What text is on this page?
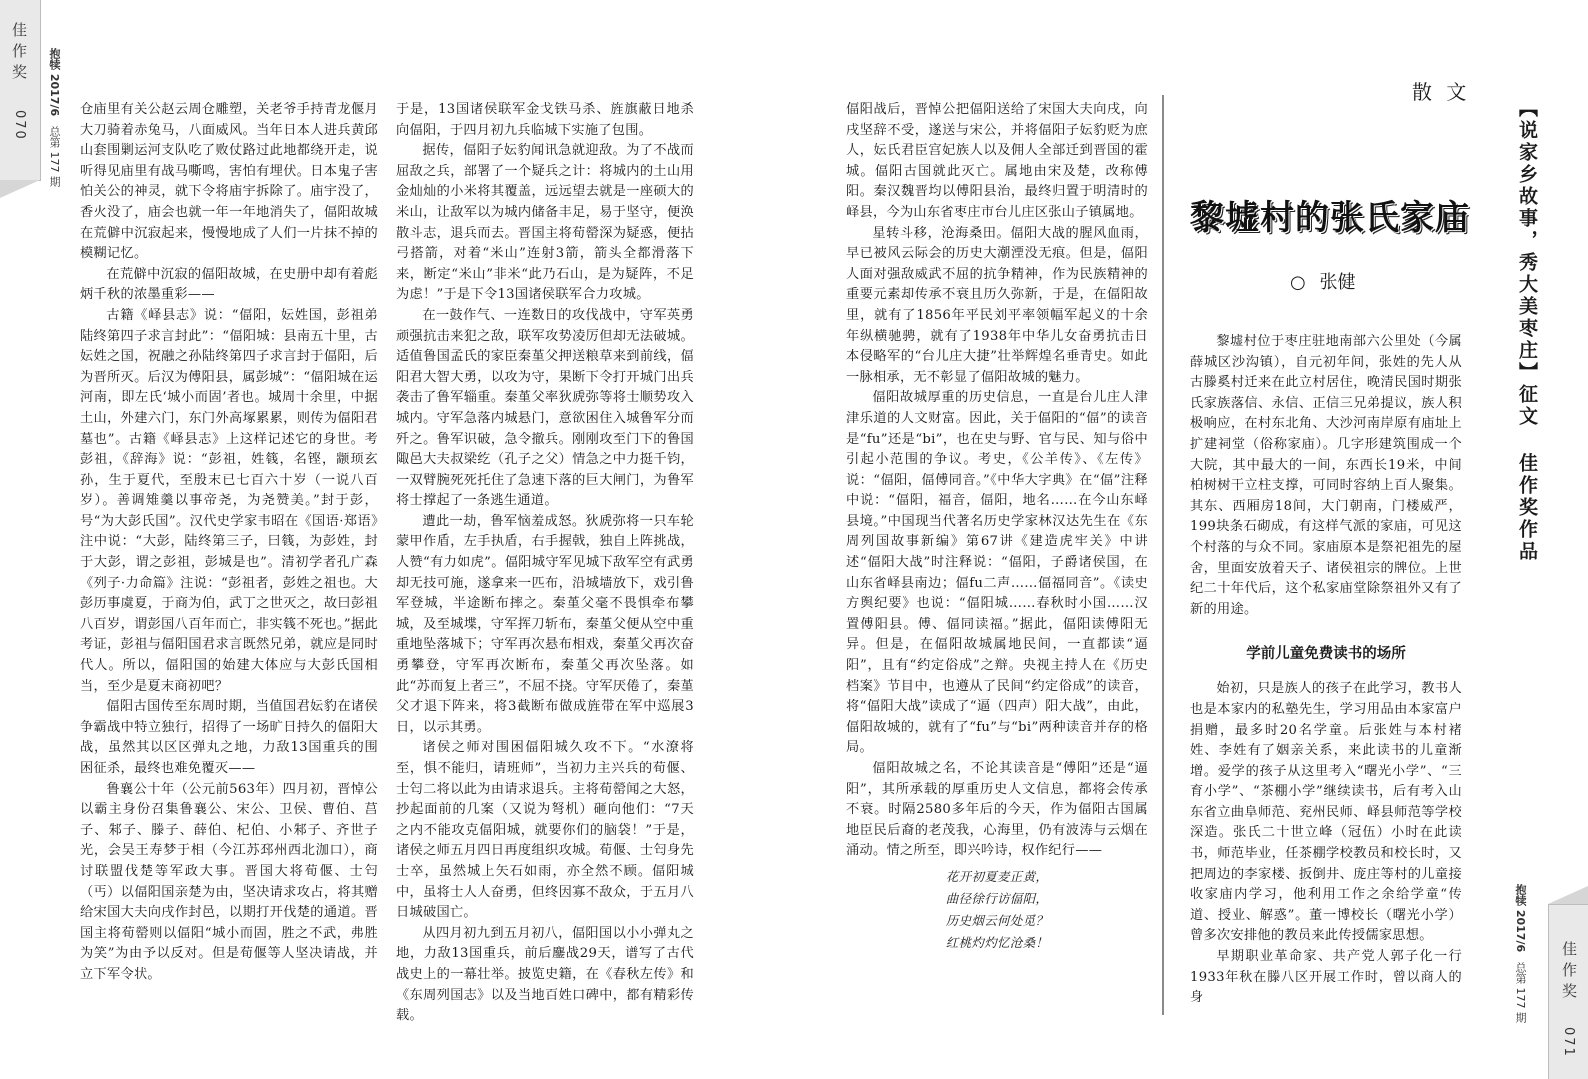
佳作奖
070
抱犊 2017/6 总第 177 期

仓庙里有关公赵云周仓雕塑，关老爷手持青龙偃月大刀骑着赤兔马，八面威风。当年日本人进兵黄邱山套围剿运河支队吃了败仗路过此地都绕开走，说听得见庙里有战马嘶鸣，害怕有埋伏。日本鬼子害怕关公的神灵，就下令将庙宇拆除了。庙宇没了，香火没了，庙会也就一年一年地消失了，偪阳故城在荒僻中沉寂起来，慢慢地成了人们一片抹不掉的模糊记忆。

在荒僻中沉寂的偪阳故城，在史册中却有着彪炳千秋的浓墨重彩——

古籍《峄县志》说：“偪阳，妘姓国，彭祖弟陆终第四子求言封此”：“偪阳城：县南五十里，古妘姓之国，祝融之孙陆终第四子求言封于偪阳，后为晋所灭。后汉为傅阳县，属彭城”：“偪阳城在运河南，即左氏‘城小而固’者也。城周十余里，中据土山，外建六门，东门外高塚累累，则传为偪阳君墓也”。古籍《峄县志》上这样记述它的身世。考彭祖，《辞海》说：“彭祖，姓篯，名铿，颛顼玄孙，生于夏代，至殷末已七百六十岁（一说八百岁）。善调雉羹以事帝尧，为尧赞美。”封于彭，号“为大彭氏国”。汉代史学家韦昭在《国语·郑语》注中说：“大彭，陆终第三子，曰篯，为彭姓，封于大彭，谓之彭祖，彭城是也”。清初学者孔广森《列子·力命篇》注说：“彭祖者，彭姓之祖也。大彭历事虞夏，于商为伯，武丁之世灭之，故曰彭祖八百岁，谓彭国八百年而亡，非实篯不死也。”据此考证，彭祖与偪阳国君求言既然兄弟，就应是同时代人。所以，偪阳国的始建大体应与大彭氏国相当，至少是夏末商初吧？

偪阳古国传至东周时期，当值国君妘豹在诸侯争霸战中特立独行，招得了一场旷日持久的偪阳大战，虽然其以区区弹丸之地，力敌13国重兵的围困征杀，最终也难免覆灭——

鲁襄公十年（公元前563年）四月初，晋悼公以霸主身份召集鲁襄公、宋公、卫侯、曹伯、莒子、邾子、滕子、薛伯、杞伯、小邾子、齐世子光，会吴王寿梦于相（今江苏邳州西北泇口），商讨联盟伐楚等军政大事。晋国大将荀偃、士匄（丐）以偪阳国亲楚为由，坚决请求攻占，将其赠给宋国大夫向戌作封邑，以期打开伐楚的通道。晋国主将荀罃则以偪阳“城小而固，胜之不武，弗胜为笑”为由予以反对。但是荀偃等人坚决请战，并立下军令状。

于是，13国诸侯联军金戈铁马杀、旌旗蔽日地杀向偪阳，于四月初九兵临城下实施了包围。

据传，偪阳子妘豹闻讯急就迎敌。为了不战而屈敌之兵，部署了一个疑兵之计：将城内的土山用金灿灿的小米将其覆盖，远远望去就是一座硕大的米山，让敌军以为城内储备丰足，易于坚守，便涣散斗志，退兵而去。晋国主将荀罃深为疑惑，便拈弓搭箭，对着“米山”连射3箭，箭头全都滑落下来，断定“米山”非米“此乃石山，是为疑阵，不足为虑！”于是下令13国诸侯联军合力攻城。

在一鼓作气、一连数日的攻伐战中，守军英勇顽强抗击来犯之敌，联军攻势凌厉但却无法破城。适值鲁国孟氏的家臣秦堇父押送粮草来到前线，偪阳君大智大勇，以攻为守，果断下令打开城门出兵袭击了鲁军辎重。秦堇父率狄虒弥等将士顺势攻入城内。守军急落内城悬门，意欲困住入城鲁军分而歼之。鲁军识破，急令撤兵。刚刚攻至门下的鲁国陬邑大夫叔梁纥（孔子之父）情急之中力挺千钧，一双臂腕死死托住了急速下落的巨大闸门，为鲁军将士撑起了一条逃生通道。

遭此一劫，鲁军恼羞成怒。狄虒弥将一只车轮蒙甲作盾，左手执盾，右手握戟，独自上阵挑战，人赞“有力如虎”。偪阳城守军见城下敌军空有武勇却无技可施，遂拿来一匹布，沿城墙放下，戏引鲁军登城，半途断布摔之。秦堇父毫不畏惧牵布攀城，及至城堞，守军挥刀斩布，秦堇父便从空中重重地坠落城下；守军再次悬布相戏，秦堇父再次奋勇攀登，守军再次断布，秦堇父再次坠落。如此“苏而复上者三”，不屈不挠。守军厌倦了，秦堇父才退下阵来，将3截断布做成旌带在军中巡展3日，以示其勇。

诸侯之师对围困偪阳城久攻不下。“水潦将至，惧不能归，请班师”，当初力主兴兵的荀偃、士匄二将以此为由请求退兵。主将荀罃闻之大怒，抄起面前的几案（又说为弩机）砸向他们：“7天之内不能攻克偪阳城，就要你们的脑袋！”于是，诸侯之师五月四日再度组织攻城。荀偃、士匄身先士卒，虽然城上矢石如雨，亦全然不顾。偪阳城中，虽将士人人奋勇，但终因寡不敌众，于五月八日城破国亡。

从四月初九到五月初八，偪阳国以小小弹丸之地，力敌13国重兵，前后鏖战29天，谱写了古代战史上的一幕壮举。披览史籍，在《春秋左传》和《东周列国志》以及当地百姓口碑中，都有精彩传载。

偪阳战后，晋悼公把偪阳送给了宋国大夫向戌，向戌坚辞不受，遂送与宋公，并将偪阳子妘豹贬为庶人，妘氏君臣宫妃族人以及佣人全部迁到晋国的霍城。偪阳古国就此灭亡。属地由宋及楚，改称傅阳。秦汉魏晋均以傅阳县治，最终归置于明清时的峄县，今为山东省枣庄市台儿庄区张山子镇属地。

星转斗移，沧海桑田。偪阳大战的腥风血雨，早已被风云际会的历史大潮湮没无痕。但是，偪阳人面对强敌威武不屈的抗争精神，作为民族精神的重要元素却传承不衰且历久弥新，于是，在偪阳故里，就有了1856年平民刘平率领幅军起义的十余年纵横驰骋，就有了1938年中华儿女奋勇抗击日本侵略军的“台儿庄大捷”壮举辉煌名垂青史。如此一脉相承，无不彰显了偪阳故城的魅力。

偪阳故城厚重的历史信息，一直是台儿庄人津津乐道的人文财富。因此，关于偪阳的“偪”的读音是“fu”还是“bi”，也在史与野、官与民、知与俗中引起小范围的争议。考史，《公羊传》、《左传》说：“偪阳，偪傅同音。”《中华大字典》在“偪”注释中说：“偪阳，福音，偪阳，地名……在今山东峄县境。”中国现当代著名历史学家林汉达先生在《东周列国故事新编》第67讲《建造虎牢关》中讲述“偪阳大战”时注释说：“偪阳，子爵诸侯国，在山东省峄县南边；偪fu二声……偪福同音”。《读史方舆纪要》也说：“偪阳城……春秋时小国……汉置傅阳县。傅、偪同读福。”据此，偪阳读傅阳无异。但是，在偪阳故城属地民间，一直都读“逼阳”，且有“约定俗成”之辩。央视主持人在《历史档案》节目中，也遵从了民间“约定俗成”的读音，将“偪阳大战”读成了“逼（四声）阳大战”，由此，偪阳故城的，就有了“fu”与“bi”两种读音并存的格局。

偪阳故城之名，不论其读音是“傅阳”还是“逼阳”，其所承载的厚重历史人文信息，都将会传承不衰。时隔2580多年后的今天，作为偪阳古国属地臣民后裔的老茂我，心海里，仍有波涛与云烟在涌动。情之所至，即兴吟诗，权作纪行——

花开初夏麦正黄，

曲径徐行访偪阳，

历史烟云何处觅？

红桃灼灼忆沧桑！

散 文
黎墟村的张氏家庙
○ 张健	【说家乡故事，秀大美枣庄】征文 佳作奖作品

黎墟村位于枣庄驻地南部六公里处（今属薛城区沙沟镇），自元初年间，张姓的先人从古滕奚村迁来在此立村居住，晚清民国时期张氏家族落信、永信、正信三兄弟提议，族人积极响应，在村东北角、大沙河南岸原有庙址上扩建祠堂（俗称家庙）。几字形建筑围成一个大院，其中最大的一间，东西长19米，中间柏树树干立柱支撑，可同时容纳上百人聚集。其东、西厢房18间，大门朝南，门楼威严，199块条石砌成，有这样气派的家庙，可见这个村落的与众不同。家庙原本是祭祀祖先的屋舍，里面安放着天子、诸侯祖宗的牌位。上世纪二十年代后，这个私家庙堂除祭祖外又有了新的用途。

学前儿童免费读书的场所

始初，只是族人的孩子在此学习，教书人也是本家内的私塾先生，学习用品由本家富户捐赠，最多时20名学童。后张姓与本村褚姓、李姓有了姻亲关系，来此读书的儿童渐增。爱学的孩子从这里考入“曙光小学”、“三育小学”、“茶棚小学”继续读书，后有考入山东省立曲阜师范、兖州民师、峄县师范等学校深造。张氏二十世立峰（冠伍）小时在此读书，师范毕业，任茶棚学校教员和校长时，又把周边的李家楼、扳倒井、庞庄等村的儿童接收家庙内学习，他利用工作之余给学童“传道、授业、解惑”。董一博校长（曙光小学）曾多次安排他的教员来此传授儒家思想。

早期职业革命家、共产党人郭子化一行1933年秋在滕八区开展工作时，曾以商人的身

抱犊 2017/6 总第 177 期 佳作奖
071
